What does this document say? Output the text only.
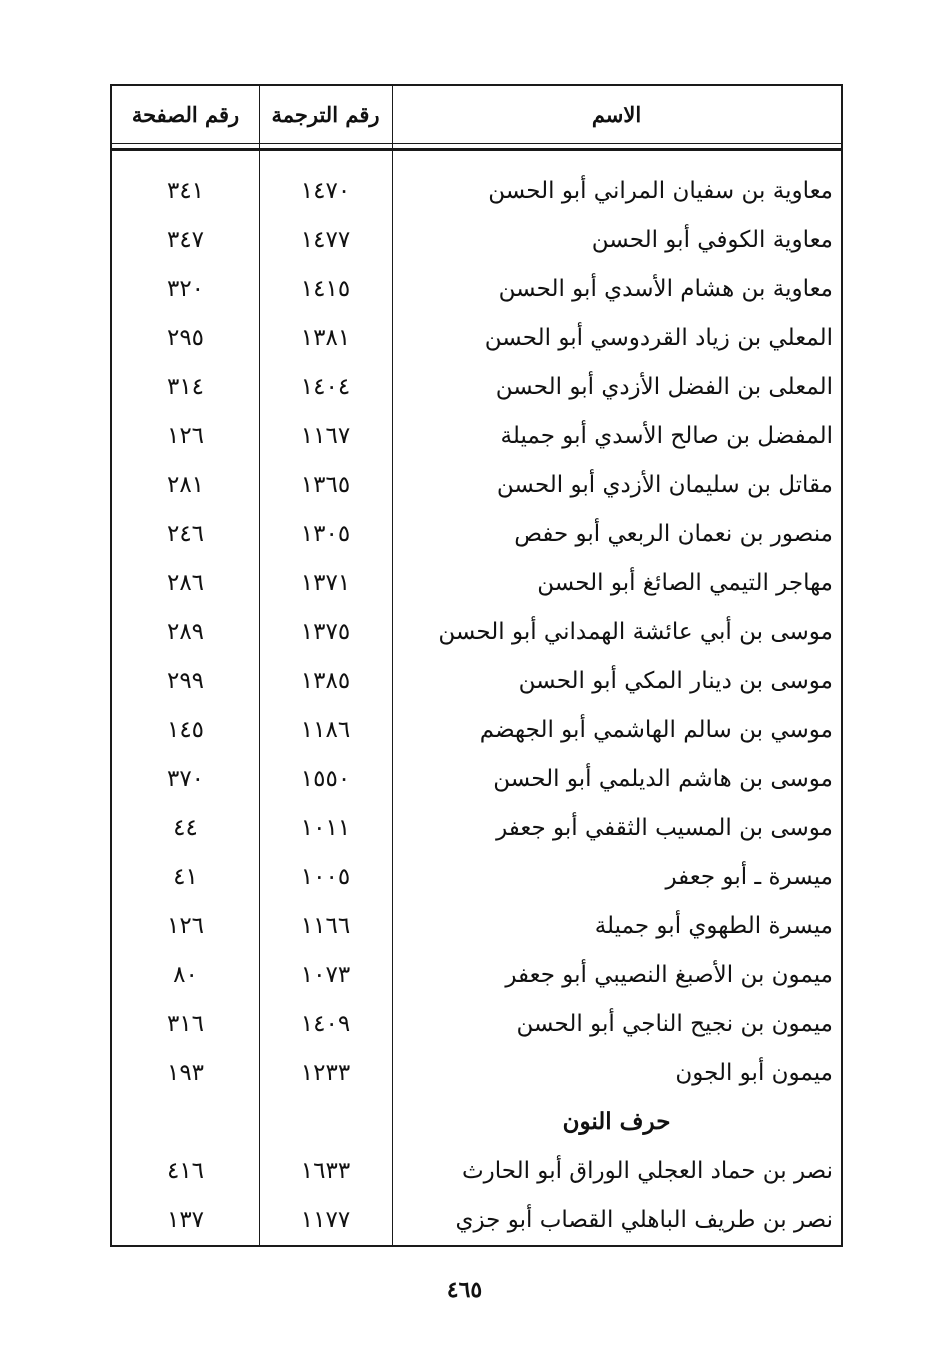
رقم الصفحة	رقم الترجمة	الاسم
معاوية بن سفيان المراني أبو الحسن
١٤٧٠
٣٤١
معاوية الكوفي أبو الحسن
١٤٧٧
٣٤٧
معاوية بن هشام الأسدي أبو الحسن
١٤١٥
٣٢٠
المعلي بن زياد القردوسي أبو الحسن
١٣٨١
٢٩٥
المعلى بن الفضل الأزدي أبو الحسن
١٤٠٤
٣١٤
المفضل بن صالح الأسدي أبو جميلة
١١٦٧
١٢٦
مقاتل بن سليمان الأزدي أبو الحسن
١٣٦٥
٢٨١
منصور بن نعمان الربعي أبو حفص
١٣٠٥
٢٤٦
مهاجر التيمي الصائغ أبو الحسن
١٣٧١
٢٨٦
موسى بن أبي عائشة الهمداني أبو الحسن
١٣٧٥
٢٨٩
موسى بن دينار المكي أبو الحسن
١٣٨٥
٢٩٩
موسي بن سالم الهاشمي أبو الجهضم
١١٨٦
١٤٥
موسى بن هاشم الديلمي أبو الحسن
١٥٥٠
٣٧٠
موسى بن المسيب الثقفي أبو جعفر
١٠١١
٤٤
ميسرة ـ أبو جعفر
١٠٠٥
٤١
ميسرة الطهوي أبو جميلة
١١٦٦
١٢٦
ميمون بن الأصبغ النصيبي أبو جعفر
١٠٧٣
٨٠
ميمون بن نجيح الناجي أبو الحسن
١٤٠٩
٣١٦
ميمون أبو الجون
١٢٣٣
١٩٣
حرف النون
نصر بن حماد العجلي الوراق أبو الحارث
١٦٣٣
٤١٦
نصر بن طريف الباهلي القصاب أبو جزي
١١٧٧
١٣٧
٤٦٥
